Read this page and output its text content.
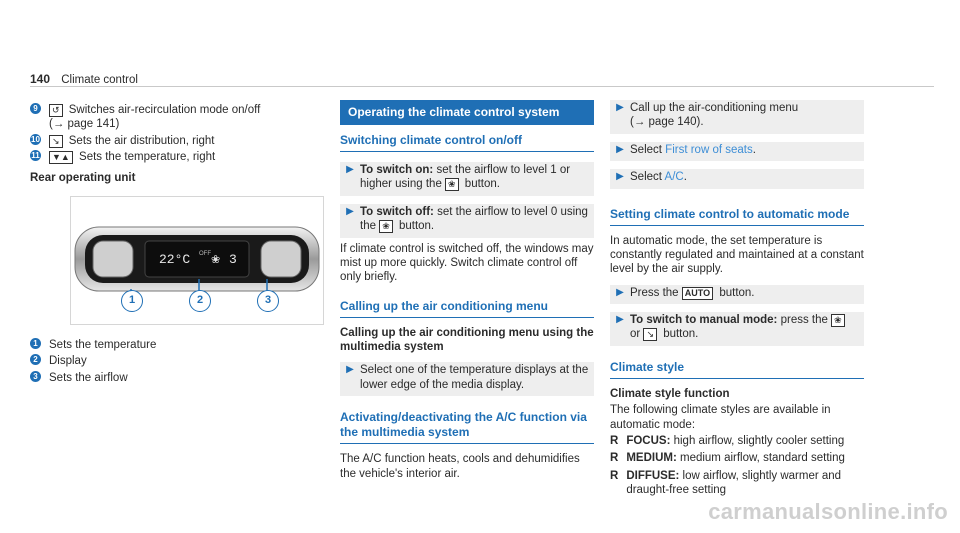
140 Climate control
9	↺ Switches air-recirculation mode on/off
(→ page 141)
10	↘ Sets the air distribution, right
11	▼▲ Sets the temperature, right
Rear operating unit
22°C OFF ❀ 3
1	2	3
1 Sets the temperature
2 Display
3 Sets the airflow
Operating the climate control system
Switching climate control on/off
▶ To switch on: set the airflow to level 1 or higher using the ❀ button.
▶ To switch off: set the airflow to level 0 using the ❀ button.
If climate control is switched off, the windows may mist up more quickly. Switch climate control off only briefly.
Calling up the air conditioning menu
Calling up the air conditioning menu using the multimedia system
▶ Select one of the temperature displays at the lower edge of the media display.
Activating/deactivating the A/C function via the multimedia system
The A/C function heats, cools and dehumidifies the vehicle's interior air.
▶ Call up the air-conditioning menu
(→ page 140).
▶ Select First row of seats.
▶ Select A/C.
Setting climate control to automatic mode
In automatic mode, the set temperature is constantly regulated and maintained at a constant level by the air supply.
▶ Press the AUTO button.
▶ To switch to manual mode: press the ❀
or ↘ button.
Climate style
Climate style function
The following climate styles are available in automatic mode:
R FOCUS: high airflow, slightly cooler setting
R MEDIUM: medium airflow, standard setting
R DIFFUSE: low airflow, slightly warmer and draught-free setting
carmanualsonline.info
